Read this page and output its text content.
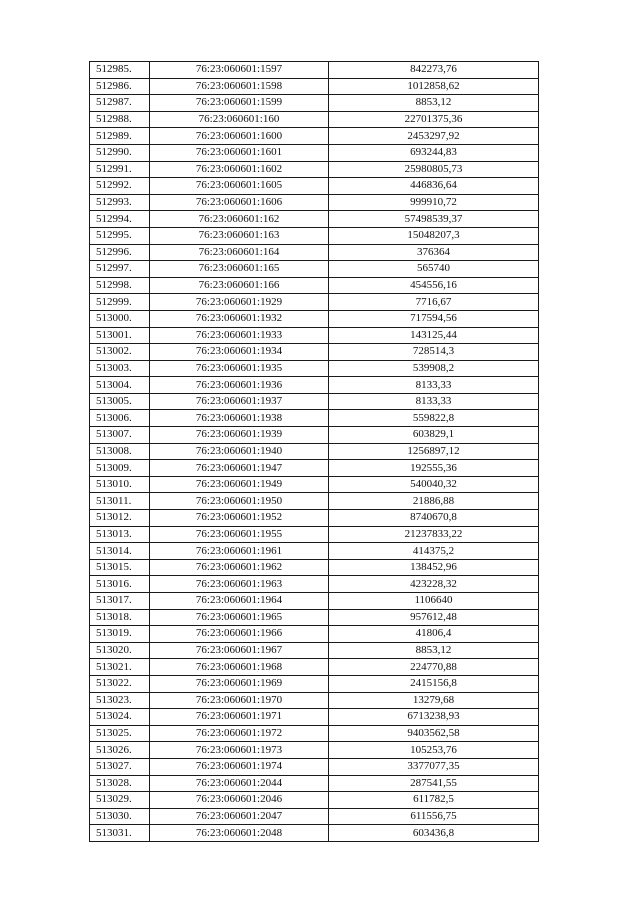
512985.	76:23:060601:1597	842273,76
512986.	76:23:060601:1598	1012858,62
512987.	76:23:060601:1599	8853,12
512988.	76:23:060601:160	22701375,36
512989.	76:23:060601:1600	2453297,92
512990.	76:23:060601:1601	693244,83
512991.	76:23:060601:1602	25980805,73
512992.	76:23:060601:1605	446836,64
512993.	76:23:060601:1606	999910,72
512994.	76:23:060601:162	57498539,37
512995.	76:23:060601:163	15048207,3
512996.	76:23:060601:164	376364
512997.	76:23:060601:165	565740
512998.	76:23:060601:166	454556,16
512999.	76:23:060601:1929	7716,67
513000.	76:23:060601:1932	717594,56
513001.	76:23:060601:1933	143125,44
513002.	76:23:060601:1934	728514,3
513003.	76:23:060601:1935	539908,2
513004.	76:23:060601:1936	8133,33
513005.	76:23:060601:1937	8133,33
513006.	76:23:060601:1938	559822,8
513007.	76:23:060601:1939	603829,1
513008.	76:23:060601:1940	1256897,12
513009.	76:23:060601:1947	192555,36
513010.	76:23:060601:1949	540040,32
513011.	76:23:060601:1950	21886,88
513012.	76:23:060601:1952	8740670,8
513013.	76:23:060601:1955	21237833,22
513014.	76:23:060601:1961	414375,2
513015.	76:23:060601:1962	138452,96
513016.	76:23:060601:1963	423228,32
513017.	76:23:060601:1964	1106640
513018.	76:23:060601:1965	957612,48
513019.	76:23:060601:1966	41806,4
513020.	76:23:060601:1967	8853,12
513021.	76:23:060601:1968	224770,88
513022.	76:23:060601:1969	2415156,8
513023.	76:23:060601:1970	13279,68
513024.	76:23:060601:1971	6713238,93
513025.	76:23:060601:1972	9403562,58
513026.	76:23:060601:1973	105253,76
513027.	76:23:060601:1974	3377077,35
513028.	76:23:060601:2044	287541,55
513029.	76:23:060601:2046	611782,5
513030.	76:23:060601:2047	611556,75
513031.	76:23:060601:2048	603436,8
